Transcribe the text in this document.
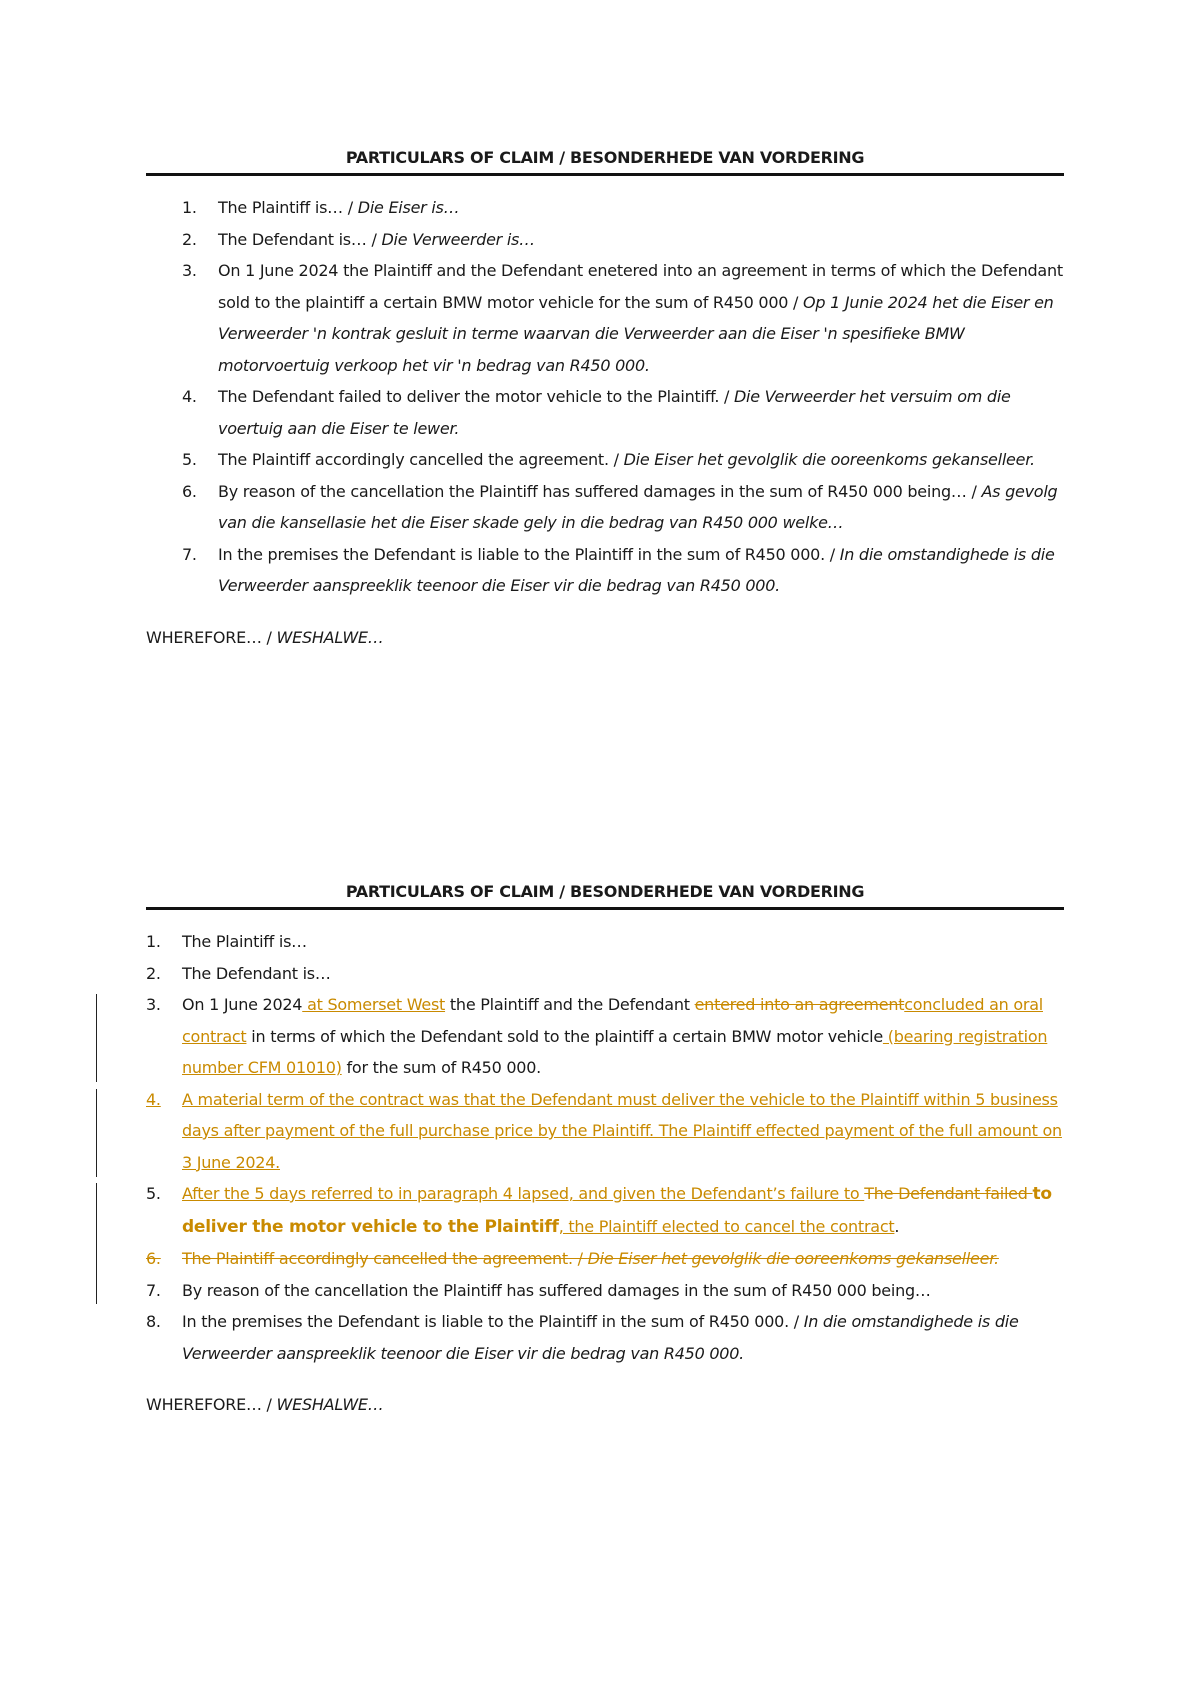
PARTICULARS OF CLAIM / BESONDERHEDE VAN VORDERING
1. The Plaintiff is… / Die Eiser is…
2. The Defendant is… / Die Verweerder is…
3. On 1 June 2024 the Plaintiff and the Defendant enetered into an agreement in terms of which the Defendant sold to the plaintiff a certain BMW motor vehicle for the sum of R450 000 / Op 1 Junie 2024 het die Eiser en Verweerder 'n kontrak gesluit in terme waarvan die Verweerder aan die Eiser 'n spesifieke BMW motorvoertuig verkoop het vir 'n bedrag van R450 000.
4. The Defendant failed to deliver the motor vehicle to the Plaintiff. / Die Verweerder het versuim om die voertuig aan die Eiser te lewer.
5. The Plaintiff accordingly cancelled the agreement. / Die Eiser het gevolglik die ooreenkoms gekanselleer.
6. By reason of the cancellation the Plaintiff has suffered damages in the sum of R450 000 being… / As gevolg van die kansellasie het die Eiser skade gely in die bedrag van R450 000 welke…
7. In the premises the Defendant is liable to the Plaintiff in the sum of R450 000. / In die omstandighede is die Verweerder aanspreeklik teenoor die Eiser vir die bedrag van R450 000.

WHEREFORE… / WESHALWE…

PARTICULARS OF CLAIM / BESONDERHEDE VAN VORDERING
1. The Plaintiff is…
2. The Defendant is…
3. On 1 June 2024 at Somerset West the Plaintiff and the Defendant entered into an agreementconcluded an oral contract in terms of which the Defendant sold to the plaintiff a certain BMW motor vehicle (bearing registration number CFM 01010) for the sum of R450 000.
4. A material term of the contract was that the Defendant must deliver the vehicle to the Plaintiff within 5 business days after payment of the full purchase price by the Plaintiff. The Plaintiff effected payment of the full amount on 3 June 2024.
5. After the 5 days referred to in paragraph 4 lapsed, and given the Defendant’s failure to The Defendant failed to deliver the motor vehicle to the Plaintiff, the Plaintiff elected to cancel the contract.
6. The Plaintiff accordingly cancelled the agreement. / Die Eiser het gevolglik die ooreenkoms gekanselleer.
7. By reason of the cancellation the Plaintiff has suffered damages in the sum of R450 000 being…
8. In the premises the Defendant is liable to the Plaintiff in the sum of R450 000. / In die omstandighede is die Verweerder aanspreeklik teenoor die Eiser vir die bedrag van R450 000.

WHEREFORE… / WESHALWE…
